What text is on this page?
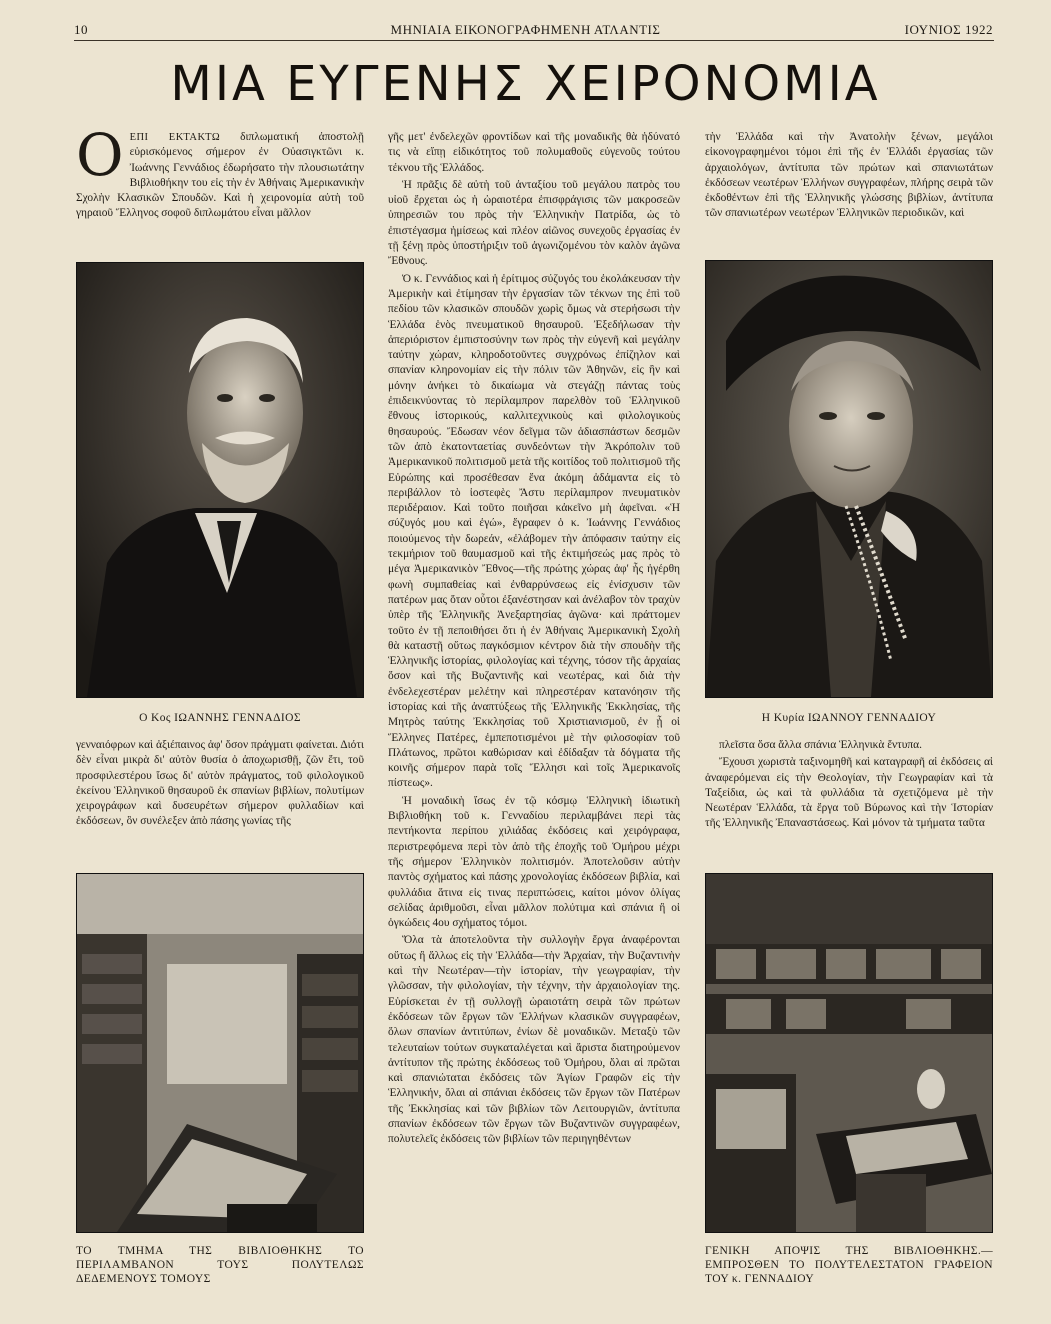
10	ΜΗΝΙΑΙΑ ΕΙΚΟΝΟΓΡΑΦΗΜΕΝΗ ΑΤΛΑΝΤΙΣ	ΙΟΥΝΙΟΣ 1922
ΜΙΑ ΕΥΓΕΝΗΣ ΧΕΙΡΟΝΟΜΙΑ
Ο ΕΠΙ ΕΚΤΑΚΤΩ διπλωματική ἀποστολῇ εὑρισκόμενος σήμερον ἐν Οὐασιγκτῶνι κ. Ἰωάννης Γεννάδιος ἐδωρήσατο τὴν πλουσιωτάτην Βιβλιοθήκην του εἰς τὴν ἐν Ἀθήναις Ἀμερικανικὴν Σχολὴν Κλασικῶν Σπουδῶν. Καὶ ἡ χειρονομία αὐτὴ τοῦ γηραιοῦ Ἕλληνος σοφοῦ διπλωμάτου εἶναι μᾶλλον
Ο Κος ΙΩΑΝΝΗΣ ΓΕΝΝΑΔΙΟΣ

γενναιόφρων καὶ ἀξιέπαινος ἀφ' ὅσον πράγματι φαίνεται. Διότι δὲν εἶναι μικρὰ δι' αὐτὸν θυσία ὁ ἀποχωρισθῇ, ζῶν ἔτι, τοῦ προσφιλεστέρου ἴσως δι' αὐτὸν πράγματος, τοῦ φιλολογικοῦ ἐκείνου Ἑλληνικοῦ θησαυροῦ ἐκ σπανίων βιβλίων, πολυτίμων χειρογράφων καὶ δυσευρέτων σήμερον φυλλαδίων καὶ ἐκδόσεων, ὃν συνέλεξεν ἀπὸ πάσης γωνίας τῆς

ΤΟ ΤΜΗΜΑ ΤΗΣ ΒΙΒΛΙΟΘΗΚΗΣ ΤΟ ΠΕΡΙΛΑΜΒΑΝΟΝ ΤΟΥΣ ΠΟΛΥΤΕΛΩΣ ΔΕΔΕΜΕΝΟΥΣ ΤΟΜΟΥΣ

γῆς μετ' ἐνδελεχῶν φροντίδων καὶ τῆς μοναδικῆς θὰ ἠδύνατό τις νὰ εἴπῃ εἰδικότητος τοῦ πολυμαθοῦς εὐγενοῦς τούτου τέκνου τῆς Ἑλλάδος.

Ἡ πρᾶξις δὲ αὐτὴ τοῦ ἀνταξίου τοῦ μεγάλου πατρὸς του υἱοῦ ἔρχεται ὡς ἡ ὡραιοτέρα ἐπισφράγισις τῶν μακροσεῶν ὑπηρεσιῶν του πρὸς τὴν Ἑλληνικὴν Πατρίδα, ὡς τὸ ἐπιστέγασμα ἡμίσεως καὶ πλέον αἰῶνος συνεχοῦς ἐργασίας ἐν τῇ ξένῃ πρὸς ὑποστήριξιν τοῦ ἀγωνιζομένου τὸν καλὸν ἀγῶνα Ἔθνους.

Ὁ κ. Γεννάδιος καὶ ἡ ἐρίτιμος σύζυγός του ἐκολάκευσαν τὴν Ἀμερικὴν καὶ ἐτίμησαν τὴν ἐργασίαν τῶν τέκνων της ἐπὶ τοῦ πεδίου τῶν κλασικῶν σπουδῶν χωρὶς ὅμως νὰ στερήσωσι τὴν Ἑλλάδα ἑνὸς πνευματικοῦ θησαυροῦ. Ἐξεδήλωσαν τὴν ἀπεριόριστον ἐμπιστοσύνην των πρὸς τὴν εὐγενῆ καὶ μεγάλην ταύτην χώραν, κληροδοτοῦντες συγχρόνως ἐπίζηλον καὶ σπανίαν κληρονομίαν εἰς τὴν πόλιν τῶν Ἀθηνῶν, εἰς ἣν καὶ μόνην ἀνήκει τὸ δικαίωμα νὰ στεγάζῃ πάντας τοὺς ἐπιδεικνύοντας τὸ περίλαμπρον παρελθὸν τοῦ Ἑλληνικοῦ ἔθνους ἱστορικούς, καλλιτεχνικοὺς καὶ φιλολογικοὺς θησαυρούς. Ἔδωσαν νέον δεῖγμα τῶν ἀδιασπάστων δεσμῶν τῶν ἀπὸ ἑκατονταετίας συνδεόντων τὴν Ἀκρόπολιν τοῦ Ἀμερικανικοῦ πολιτισμοῦ μετὰ τῆς κοιτίδος τοῦ πολιτισμοῦ τῆς Εὐρώπης καὶ προσέθεσαν ἕνα ἀκόμη ἀδάμαντα εἰς τὸ περιβάλλον τὸ ἰοστεφὲς Ἄστυ περίλαμπρον πνευματικὸν περιδέραιον. Καὶ τοῦτο ποιῆσαι κἀκεῖνο μὴ ἀφεῖναι. «Ἡ σύζυγός μου καὶ ἐγώ», ἔγραφεν ὁ κ. Ἰωάννης Γεννάδιος ποιούμενος τὴν δωρεάν, «ἐλάβομεν τὴν ἀπόφασιν ταύτην εἰς τεκμήριον τοῦ θαυμασμοῦ καὶ τῆς ἐκτιμήσεώς μας πρὸς τὸ μέγα Ἀμερικανικὸν Ἔθνος—τῆς πρώτης χώρας ἀφ' ἧς ἠγέρθη φωνὴ συμπαθείας καὶ ἐνθαρρύνσεως εἰς ἐνίσχυσιν τῶν πατέρων μας ὅταν οὗτοι ἐξανέστησαν καὶ ἀνέλαβον τὸν τραχὺν ὑπὲρ τῆς Ἑλληνικῆς Ἀνεξαρτησίας ἀγῶνα· καὶ πράττομεν τοῦτο ἐν τῇ πεποιθήσει ὅτι ἡ ἐν Ἀθήναις Ἀμερικανικὴ Σχολὴ θὰ καταστῇ οὕτως παγκόσμιον κέντρον διὰ τὴν σπουδὴν τῆς Ἑλληνικῆς ἱστορίας, φιλολογίας καὶ τέχνης, τόσον τῆς ἀρχαίας ὅσον καὶ τῆς Βυζαντινῆς καὶ νεωτέρας, καὶ διὰ τὴν ἐνδελεχεστέραν μελέτην καὶ πληρεστέραν κατανόησιν τῆς ἱστορίας καὶ τῆς ἀναπτύξεως τῆς Ἑλληνικῆς Ἐκκλησίας, τῆς Μητρὸς ταύτης Ἐκκλησίας τοῦ Χριστιανισμοῦ, ἐν ᾗ οἱ Ἕλληνες Πατέρες, ἐμπεποτισμένοι μὲ τὴν φιλοσοφίαν τοῦ Πλάτωνος, πρῶτοι καθώρισαν καὶ ἐδίδαξαν τὰ δόγματα τῆς κοινῆς σήμερον παρὰ τοῖς Ἕλλησι καὶ τοῖς Ἀμερικανοῖς πίστεως».

Ἡ μοναδικὴ ἴσως ἐν τῷ κόσμῳ Ἑλληνικὴ ἰδιωτικὴ Βιβλιοθήκη τοῦ κ. Γενναδίου περιλαμβάνει περὶ τὰς πεντήκοντα περίπου χιλιάδας ἐκδόσεις καὶ χειρόγραφα, περιστρεφόμενα περὶ τὸν ἀπὸ τῆς ἐποχῆς τοῦ Ὁμήρου μέχρι τῆς σήμερον Ἑλληνικὸν πολιτισμόν. Ἀποτελοῦσιν αὐτὴν παντὸς σχήματος καὶ πάσης χρονολογίας ἐκδόσεων βιβλία, καὶ φυλλάδια ἅτινα εἰς τινας περιπτώσεις, καίτοι μόνον ὀλίγας σελίδας ἀριθμοῦσι, εἶναι μᾶλλον πολύτιμα καὶ σπάνια ἢ οἱ ὀγκώδεις 4ου σχήματος τόμοι.

Ὅλα τὰ ἀποτελοῦντα τὴν συλλογὴν ἔργα ἀναφέρονται οὕτως ἢ ἄλλως εἰς τὴν Ἑλλάδα—τὴν Ἀρχαίαν, τὴν Βυζαντινὴν καὶ τὴν Νεωτέραν—τὴν ἱστορίαν, τὴν γεωγραφίαν, τὴν γλῶσσαν, τὴν φιλολογίαν, τὴν τέχνην, τὴν ἀρχαιολογίαν της. Εὑρίσκεται ἐν τῇ συλλογῇ ὡραιοτάτη σειρὰ τῶν πρώτων ἐκδόσεων τῶν ἔργων τῶν Ἑλλήνων κλασικῶν συγγραφέων, ὅλων σπανίων ἀντιτύπων, ἐνίων δὲ μοναδικῶν. Μεταξὺ τῶν τελευταίων τούτων συγκαταλέγεται καὶ ἄριστα διατηρούμενον ἀντίτυπον τῆς πρώτης ἐκδόσεως τοῦ Ὁμήρου, ὅλαι αἱ πρῶται καὶ σπανιώταται ἐκδόσεις τῶν Ἁγίων Γραφῶν εἰς τὴν Ἑλληνικήν, ὅλαι αἱ σπάνιαι ἐκδόσεις τῶν ἔργων τῶν Πατέρων τῆς Ἐκκλησίας καὶ τῶν βιβλίων τῶν Λειτουργιῶν, ἀντίτυπα σπανίων ἐκδόσεων τῶν ἔργων τῶν Βυζαντινῶν συγγραφέων, πολυτελεῖς ἐκδόσεις τῶν βιβλίων τῶν περιηγηθέντων

τὴν Ἑλλάδα καὶ τὴν Ἀνατολὴν ξένων, μεγάλοι εἰκονογραφημένοι τόμοι ἐπὶ τῆς ἐν Ἑλλάδι ἐργασίας τῶν ἀρχαιολόγων, ἀντίτυπα τῶν πρώτων καὶ σπανιωτάτων ἐκδόσεων νεωτέρων Ἑλλήνων συγγραφέων, πλήρης σειρὰ τῶν ἐκδοθέντων ἐπὶ τῆς Ἑλληνικῆς γλώσσης βιβλίων, ἀντίτυπα τῶν σπανιωτέρων νεωτέρων Ἑλληνικῶν περιοδικῶν, καὶ

Η Κυρία ΙΩΑΝΝΟΥ ΓΕΝΝΑΔΙΟΥ

πλεῖστα ὅσα ἄλλα σπάνια Ἑλληνικὰ ἔντυπα.

Ἔχουσι χωριστὰ ταξινομηθῆ καὶ καταγραφῆ αἱ ἐκδόσεις αἱ ἀναφερόμεναι εἰς τὴν Θεολογίαν, τὴν Γεωγραφίαν καὶ τὰ Ταξείδια, ὡς καὶ τὰ φυλλάδια τὰ σχετιζόμενα μὲ τὴν Νεωτέραν Ἑλλάδα, τὰ ἔργα τοῦ Βύρωνος καὶ τὴν Ἱστορίαν τῆς Ἑλληνικῆς Ἐπαναστάσεως. Καὶ μόνον τὰ τμήματα ταῦτα

ΓΕΝΙΚΗ ΑΠΟΨΙΣ ΤΗΣ ΒΙΒΛΙΟΘΗΚΗΣ.—ΕΜΠΡΟΣΘΕΝ ΤΟ ΠΟΛΥΤΕΛΕΣΤΑΤΟΝ ΓΡΑΦΕΙΟΝ ΤΟΥ κ. ΓΕΝΝΑΔΙΟΥ
